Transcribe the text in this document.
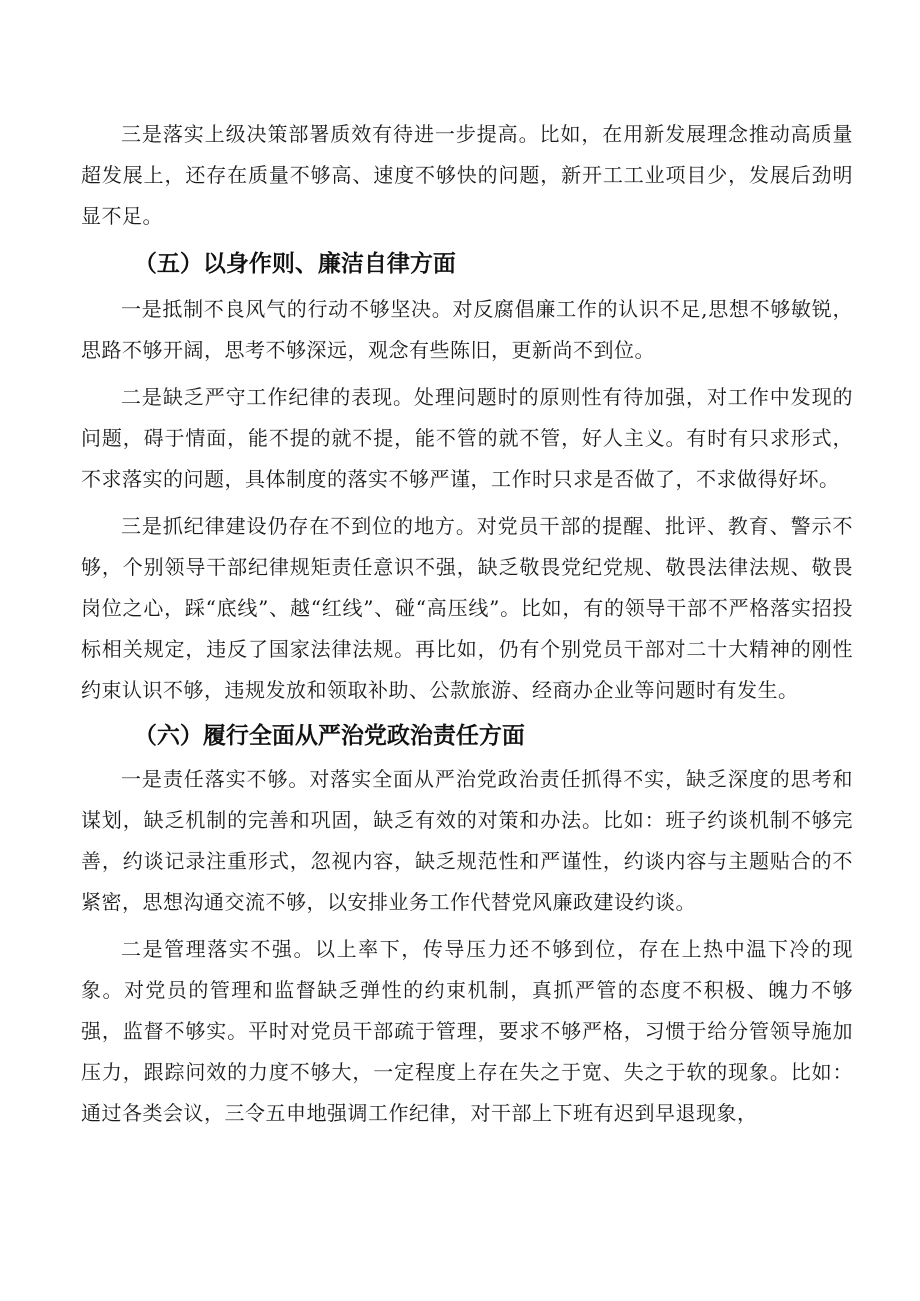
三是落实上级决策部署质效有待进一步提高。比如，在用新发展理念推动高质量超发展上，还存在质量不够高、速度不够快的问题，新开工工业项目少，发展后劲明显不足。

（五）以身作则、廉洁自律方面

一是抵制不良风气的行动不够坚决。对反腐倡廉工作的认识不足,思想不够敏锐，思路不够开阔，思考不够深远，观念有些陈旧，更新尚不到位。

二是缺乏严守工作纪律的表现。处理问题时的原则性有待加强，对工作中发现的问题，碍于情面，能不提的就不提，能不管的就不管，好人主义。有时有只求形式，不求落实的问题，具体制度的落实不够严谨，工作时只求是否做了，不求做得好坏。

三是抓纪律建设仍存在不到位的地方。对党员干部的提醒、批评、教育、警示不够，个别领导干部纪律规矩责任意识不强，缺乏敬畏党纪党规、敬畏法律法规、敬畏岗位之心，踩“底线”、越“红线”、碰“高压线”。比如，有的领导干部不严格落实招投标相关规定，违反了国家法律法规。再比如，仍有个别党员干部对二十大精神的刚性约束认识不够，违规发放和领取补助、公款旅游、经商办企业等问题时有发生。

（六）履行全面从严治党政治责任方面

一是责任落实不够。对落实全面从严治党政治责任抓得不实，缺乏深度的思考和谋划，缺乏机制的完善和巩固，缺乏有效的对策和办法。比如：班子约谈机制不够完善，约谈记录注重形式，忽视内容，缺乏规范性和严谨性，约谈内容与主题贴合的不紧密，思想沟通交流不够，以安排业务工作代替党风廉政建设约谈。

二是管理落实不强。以上率下，传导压力还不够到位，存在上热中温下冷的现象。对党员的管理和监督缺乏弹性的约束机制，真抓严管的态度不积极、魄力不够强，监督不够实。平时对党员干部疏于管理，要求不够严格，习惯于给分管领导施加压力，跟踪问效的力度不够大，一定程度上存在失之于宽、失之于软的现象。比如：通过各类会议，三令五申地强调工作纪律，对干部上下班有迟到早退现象，
